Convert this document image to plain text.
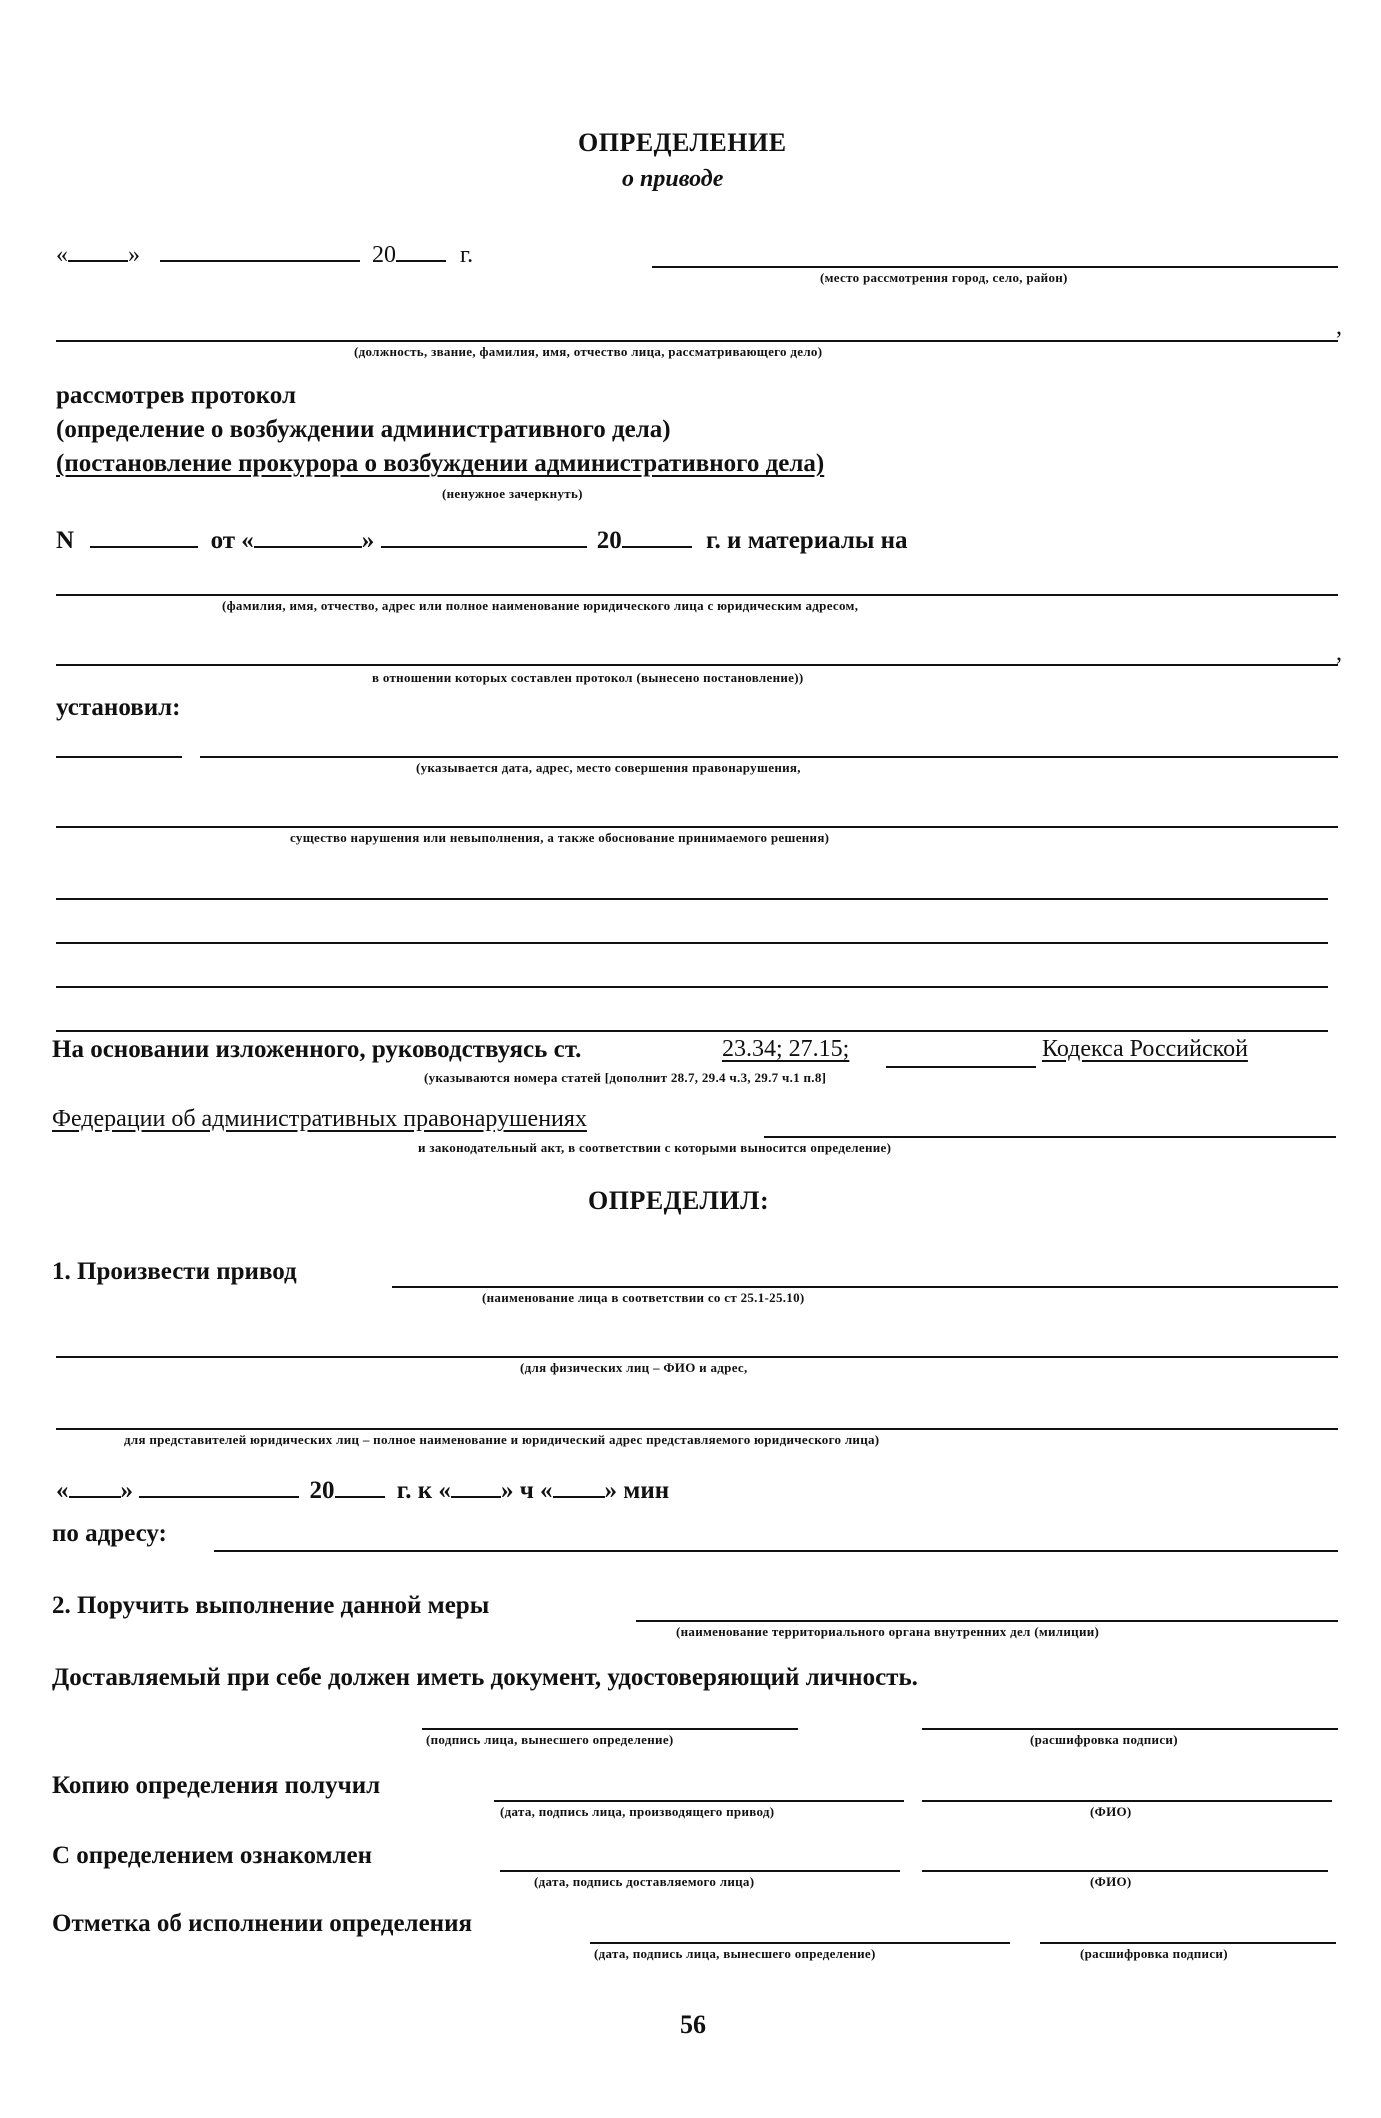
ОПРЕДЕЛЕНИЕ
о приводе
«	»	20	г.
(место рассмотрения город, село, район)
,
(должность, звание, фамилия, имя, отчество лица, рассматривающего дело)
рассмотрев протокол
(определение о возбуждении административного дела)
(постановление прокурора о возбуждении административного дела)
(ненужное зачеркнуть)
N	от «	»	20	г. и материалы на
(фамилия, имя, отчество, адрес или полное наименование юридического лица с юридическим адресом,
,
в отношении которых составлен протокол (вынесено постановление))
установил:
(указывается дата, адрес, место совершения правонарушения,
существо нарушения или невыполнения, а также обоснование принимаемого решения)
На основании изложенного, руководствуясь ст.	23.34; 27.15;	Кодекса Российской
(указываются номера статей [дополнит 28.7, 29.4 ч.3, 29.7 ч.1 п.8]
Федерации об административных правонарушениях
и законодательный акт, в соответствии с которыми выносится определение)
ОПРЕДЕЛИЛ:
1. Произвести привод
(наименование лица в соответствии со ст 25.1-25.10)
(для физических лиц – ФИО и адрес,
для представителей юридических лиц – полное наименование и юридический адрес представляемого юридического лица)
« »	20 г. к « » ч « » мин
по адресу:
2. Поручить выполнение данной меры
(наименование территориального органа внутренних дел (милиции)
Доставляемый при себе должен иметь документ, удостоверяющий личность.
(подпись лица, вынесшего определение)	(расшифровка подписи)
Копию определения получил
(дата, подпись лица, производящего привод)	(ФИО)
С определением ознакомлен
(дата, подпись доставляемого лица)	(ФИО)
Отметка об исполнении определения
(дата, подпись лица, вынесшего определение)	(расшифровка подписи)
56
